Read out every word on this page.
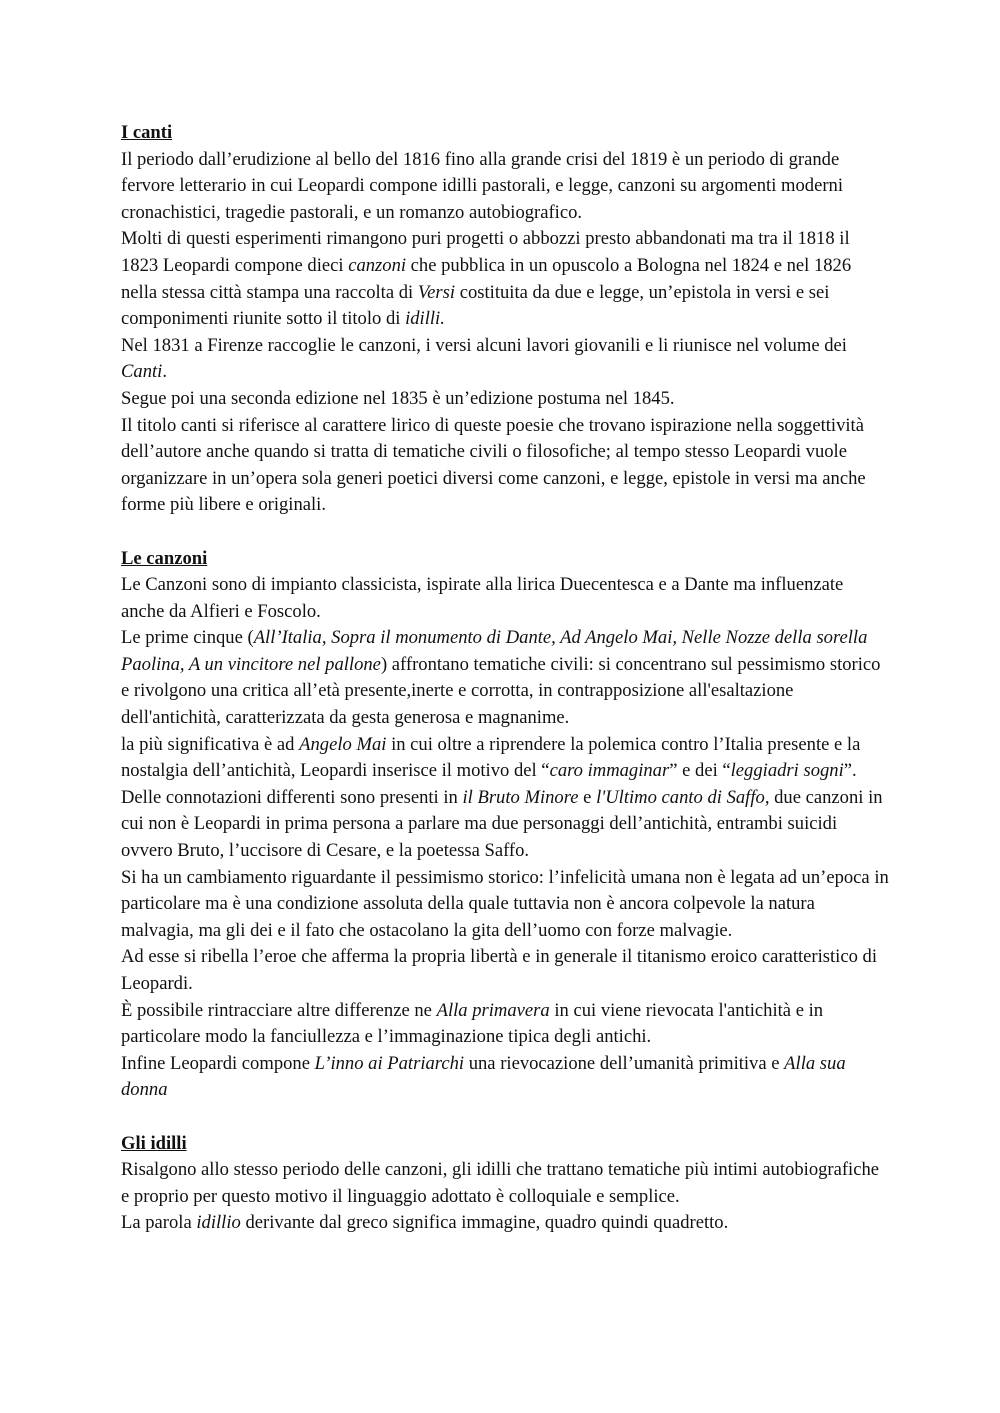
I canti

Il periodo dall’erudizione al bello del 1816 fino alla grande crisi del 1819 è un periodo di grande fervore letterario in cui Leopardi compone idilli pastorali, e legge, canzoni su argomenti moderni cronachistici, tragedie pastorali, e un romanzo autobiografico.

Molti di questi esperimenti rimangono puri progetti o abbozzi presto abbandonati ma tra il 1818 il 1823 Leopardi compone dieci canzoni che pubblica in un opuscolo a Bologna nel 1824 e nel 1826 nella stessa città stampa una raccolta di Versi costituita da due e legge, un’epistola in versi e sei componimenti riunite sotto il titolo di idilli.

Nel 1831 a Firenze raccoglie le canzoni, i versi alcuni lavori giovanili e li riunisce nel volume dei Canti.

Segue poi una seconda edizione nel 1835 è un’edizione postuma nel 1845.

Il titolo canti si riferisce al carattere lirico di queste poesie che trovano ispirazione nella soggettività dell’autore anche quando si tratta di tematiche civili o filosofiche; al tempo stesso Leopardi vuole organizzare in un’opera sola generi poetici diversi come canzoni, e legge, epistole in versi ma anche forme più libere e originali.

Le canzoni

Le Canzoni sono di impianto classicista, ispirate alla lirica Duecentesca e a Dante ma influenzate anche da Alfieri e Foscolo.

Le prime cinque (All’Italia, Sopra il monumento di Dante, Ad Angelo Mai, Nelle Nozze della sorella Paolina, A un vincitore nel pallone) affrontano tematiche civili: si concentrano sul pessimismo storico e rivolgono una critica all’età presente,inerte e corrotta, in contrapposizione all'esaltazione dell'antichità, caratterizzata da gesta generosa e magnanime.

la più significativa è ad Angelo Mai in cui oltre a riprendere la polemica contro l’Italia presente e la nostalgia dell’antichità, Leopardi inserisce il motivo del “caro immaginar” e dei “leggiadri sogni”.

Delle connotazioni differenti sono presenti in il Bruto Minore e l'Ultimo canto di Saffo, due canzoni in cui non è Leopardi in prima persona a parlare ma due personaggi dell’antichità, entrambi suicidi ovvero Bruto, l’uccisore di Cesare, e la poetessa Saffo.

Si ha un cambiamento riguardante il pessimismo storico: l’infelicità umana non è legata ad un’epoca in particolare ma è una condizione assoluta della quale tuttavia non è ancora colpevole la natura malvagia, ma gli dei e il fato che ostacolano la gita dell’uomo con forze malvagie.

Ad esse si ribella l’eroe che afferma la propria libertà e in generale il titanismo eroico caratteristico di Leopardi.

È possibile rintracciare altre differenze ne Alla primavera in cui viene rievocata l'antichità e in particolare modo la fanciullezza e l’immaginazione tipica degli antichi.

Infine Leopardi compone L’inno ai Patriarchi una rievocazione dell’umanità primitiva e Alla sua donna

Gli idilli

Risalgono allo stesso periodo delle canzoni, gli idilli che trattano tematiche più intimi autobiografiche e proprio per questo motivo il linguaggio adottato è colloquiale e semplice.

La parola idillio derivante dal greco significa immagine, quadro quindi quadretto.
